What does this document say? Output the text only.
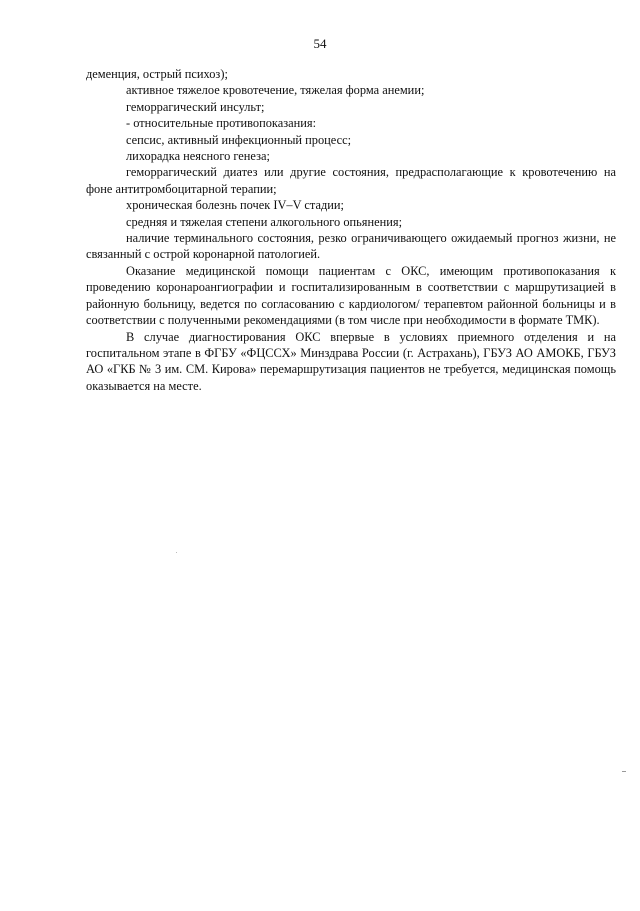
54

деменция, острый психоз);

активное тяжелое кровотечение, тяжелая форма анемии;

геморрагический инсульт;

- относительные противопоказания:

сепсис, активный инфекционный процесс;

лихорадка неясного генеза;

геморрагический диатез или другие состояния, предрасполагающие к кровотечению на фоне антитромбоцитарной терапии;

хроническая болезнь почек IV–V стадии;

средняя и тяжелая степени алкогольного опьянения;

наличие терминального состояния, резко ограничивающего ожидаемый прогноз жизни, не связанный с острой коронарной патологией.

Оказание медицинской помощи пациентам с ОКС, имеющим противопоказания к проведению коронароангиографии и госпитализированным в соответствии с маршрутизацией в районную больницу, ведется по согласованию с кардиологом/ терапевтом районной больницы и в соответствии с полученными рекомендациями (в том числе при необходимости в формате ТМК).

В случае диагностирования ОКС впервые в условиях приемного отделения и на госпитальном этапе в ФГБУ «ФЦССХ» Минздрава России (г. Астрахань), ГБУЗ АО АМОКБ, ГБУЗ АО «ГКБ № 3 им. СМ. Кирова» перемаршрутизация пациентов не требуется, медицинская помощь оказывается на месте.
